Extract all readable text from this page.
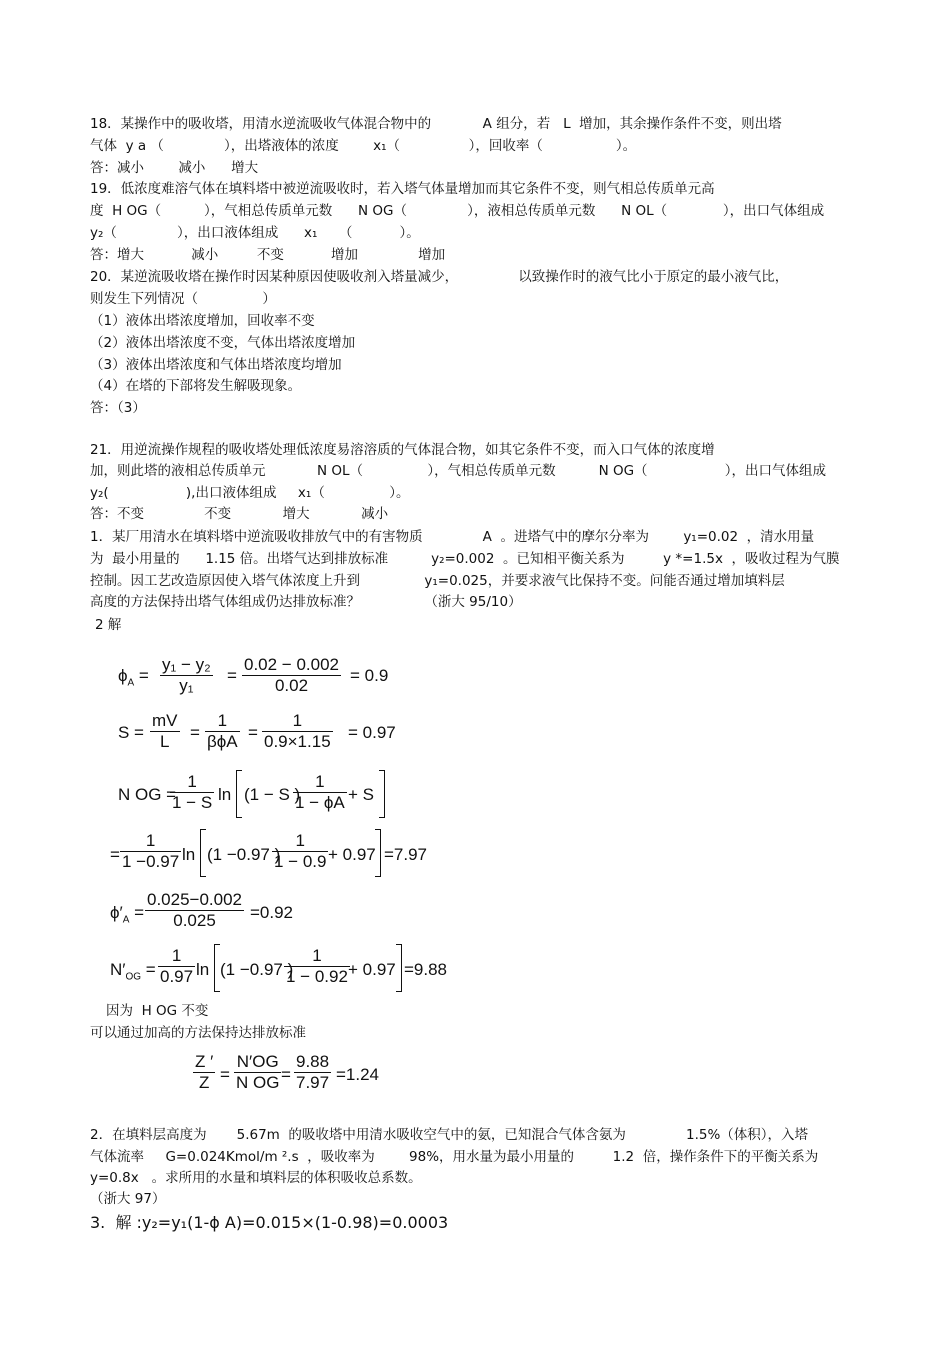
18．某操作中的吸收塔，用清水逆流吸收气体混合物中的            A 组分，若   L  增加，其余操作条件不变，则出塔
气体  y a （              ），出塔液体的浓度        x₁（                ），回收率（                 ）。
答：减小        减小      增大
19．低浓度难溶气体在填料塔中被逆流吸收时，若入塔气体量增加而其它条件不变，则气相总传质单元高
度  H OG（          ），气相总传质单元数      N OG（              ），液相总传质单元数      N OL（             ），出口气体组成
y₂（              ），出口液体组成      x₁     （           ）。
答：增大           减小         不变           增加              增加
20．某逆流吸收塔在操作时因某种原因使吸收剂入塔量减少，              以致操作时的液气比小于原定的最小液气比，
则发生下列情况（               ）
（1）液体出塔浓度增加，回收率不变
（2）液体出塔浓度不变，气体出塔浓度增加
（3）液体出塔浓度和气体出塔浓度均增加
（4）在塔的下部将发生解吸现象。
答：（3）
21．用逆流操作规程的吸收塔处理低浓度易溶溶质的气体混合物，如其它条件不变，而入口气体的浓度增
加，则此塔的液相总传质单元            N OL（               ），气相总传质单元数          N OG（                  ），出口气体组成
y₂(                  ),出口液体组成     x₁（               ）。
答：不变              不变            增大            减小
1．某厂用清水在填料塔中逆流吸收排放气中的有害物质              A  。进塔气中的摩尔分率为        y₁=0.02  ，清水用量
为  最小用量的      1.15 倍。出塔气达到排放标准          y₂=0.002  。已知相平衡关系为         y *=1.5x  ，吸收过程为气膜
控制。因工艺改造原因使入塔气体浓度上升到               y₁=0.025，并要求液气比保持不变。问能否通过增加填料层
高度的方法保持出塔气体组成仍达排放标准？               （浙大 95/10）
2 解
$\phi_A = \frac{\text{y₁ − y₂}}{\text{y₁}} = \frac{0.02 - 0.002}{0.02} = 0.9$
$S = \frac{mV}{L}$ =
1
$\beta\phi A = \frac{1}{0.9\times 1.15} = 0.97$
N OG =
$\frac{1}{1 - S}$ ln (1 − S )
$\frac{1}{1 - \phi A} + S$
= $\frac{1}{1 -0.97}$ ln (1 −0.97 )
$\frac{1}{1 - 0.9} + 0.97 =7.97$
$\phi'_A = \frac{0.025-0.002}{0.025} =0.92$
$N'_{OG} = \frac{1}{0.97}$ ln (1 −0.97 )
$\frac{1}{1 - 0.92}$
+ 0.97 =9.88
因为  H OG 不变
可以通过加高的方法保持达排放标准
$\frac{Z '}{Z} = \frac{N'OG}{\text{N OG}} = \frac{9.88}{7.97} =1.24$
2．在填料层高度为       5.67m  的吸收塔中用清水吸收空气中的氨，已知混合气体含氨为              1.5%（体积），入塔
气体流率     G=0.024Kmol/m ².s  ，吸收率为        98%，用水量为最小用量的         1.2  倍，操作条件下的平衡关系为
y=0.8x   。求所用的水量和填料层的体积吸收总系数。
（浙大 97）
3.  解 :y₂=y₁(1-ϕ A)=0.015×(1-0.98)=0.0003
